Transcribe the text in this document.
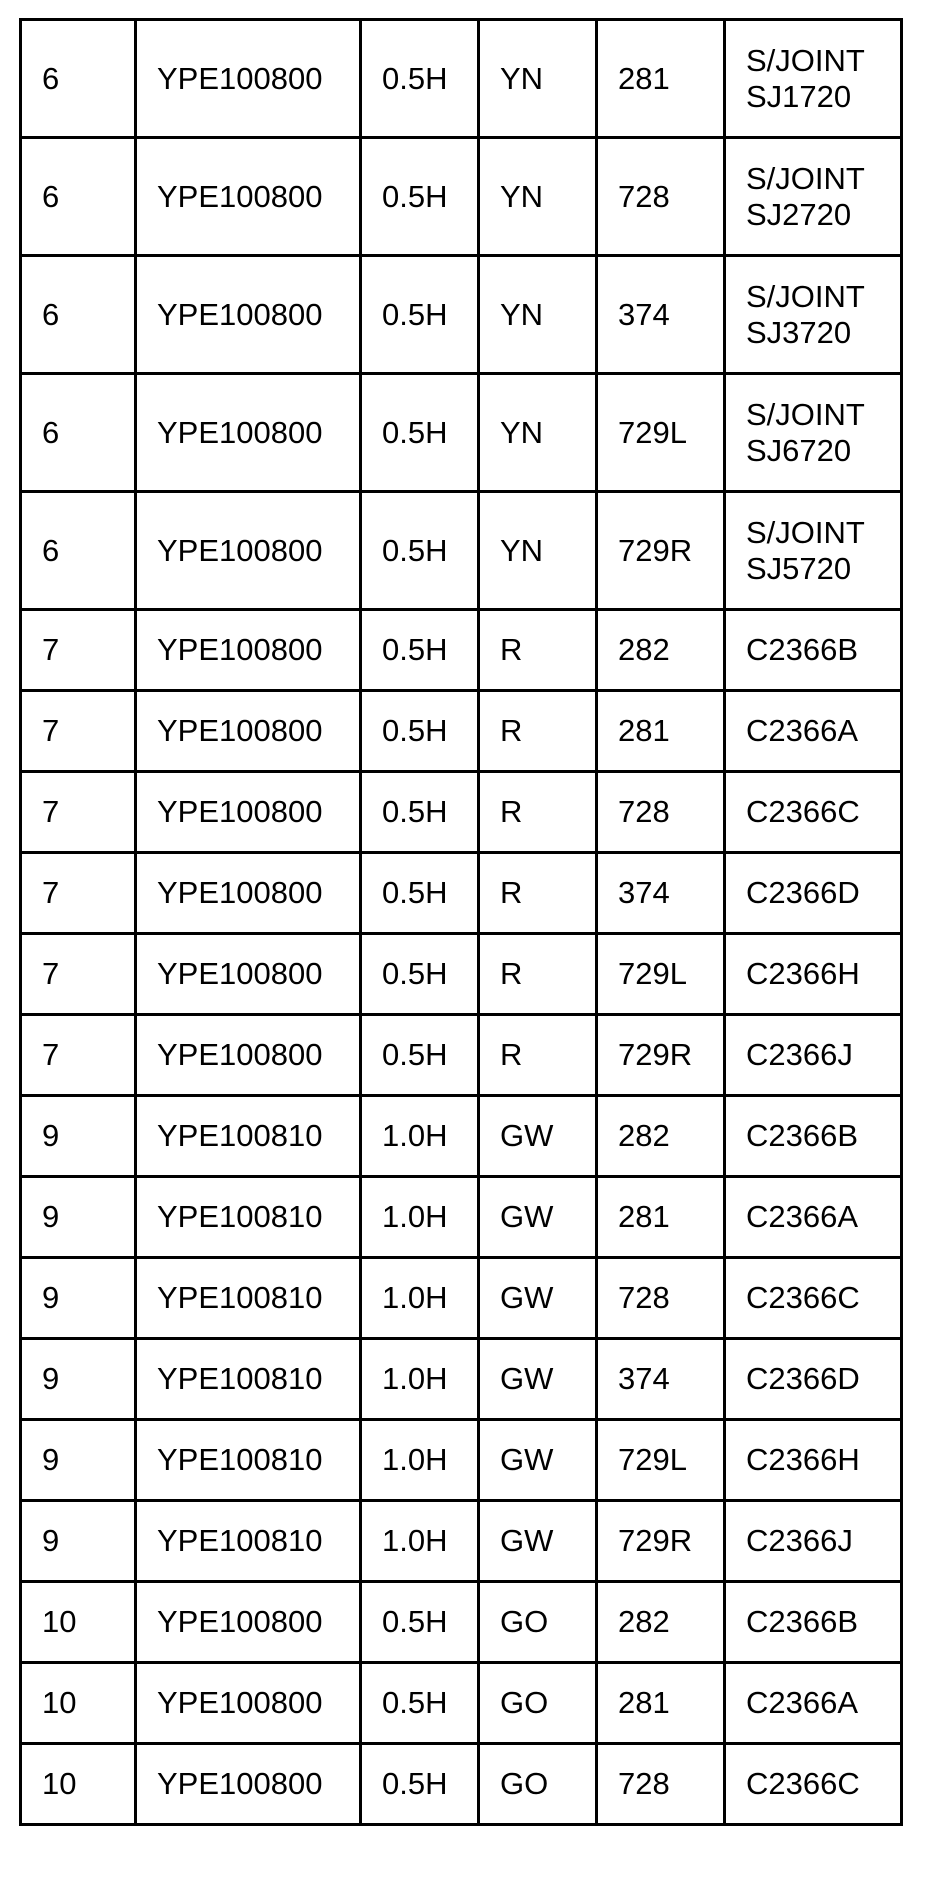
6	YPE100800	0.5H	YN	281	S/JOINT
SJ1720

6	YPE100800	0.5H	YN	728	S/JOINT
SJ2720

6	YPE100800	0.5H	YN	374	S/JOINT
SJ3720

6	YPE100800	0.5H	YN	729L	S/JOINT
SJ6720

6	YPE100800	0.5H	YN	729R	S/JOINT
SJ5720

7	YPE100800	0.5H	R	282	C2366B

7	YPE100800	0.5H	R	281	C2366A

7	YPE100800	0.5H	R	728	C2366C

7	YPE100800	0.5H	R	374	C2366D

7	YPE100800	0.5H	R	729L	C2366H

7	YPE100800	0.5H	R	729R	C2366J

9	YPE100810	1.0H	GW	282	C2366B

9	YPE100810	1.0H	GW	281	C2366A

9	YPE100810	1.0H	GW	728	C2366C

9	YPE100810	1.0H	GW	374	C2366D

9	YPE100810	1.0H	GW	729L	C2366H

9	YPE100810	1.0H	GW	729R	C2366J

10	YPE100800	0.5H	GO	282	C2366B

10	YPE100800	0.5H	GO	281	C2366A

10	YPE100800	0.5H	GO	728	C2366C
